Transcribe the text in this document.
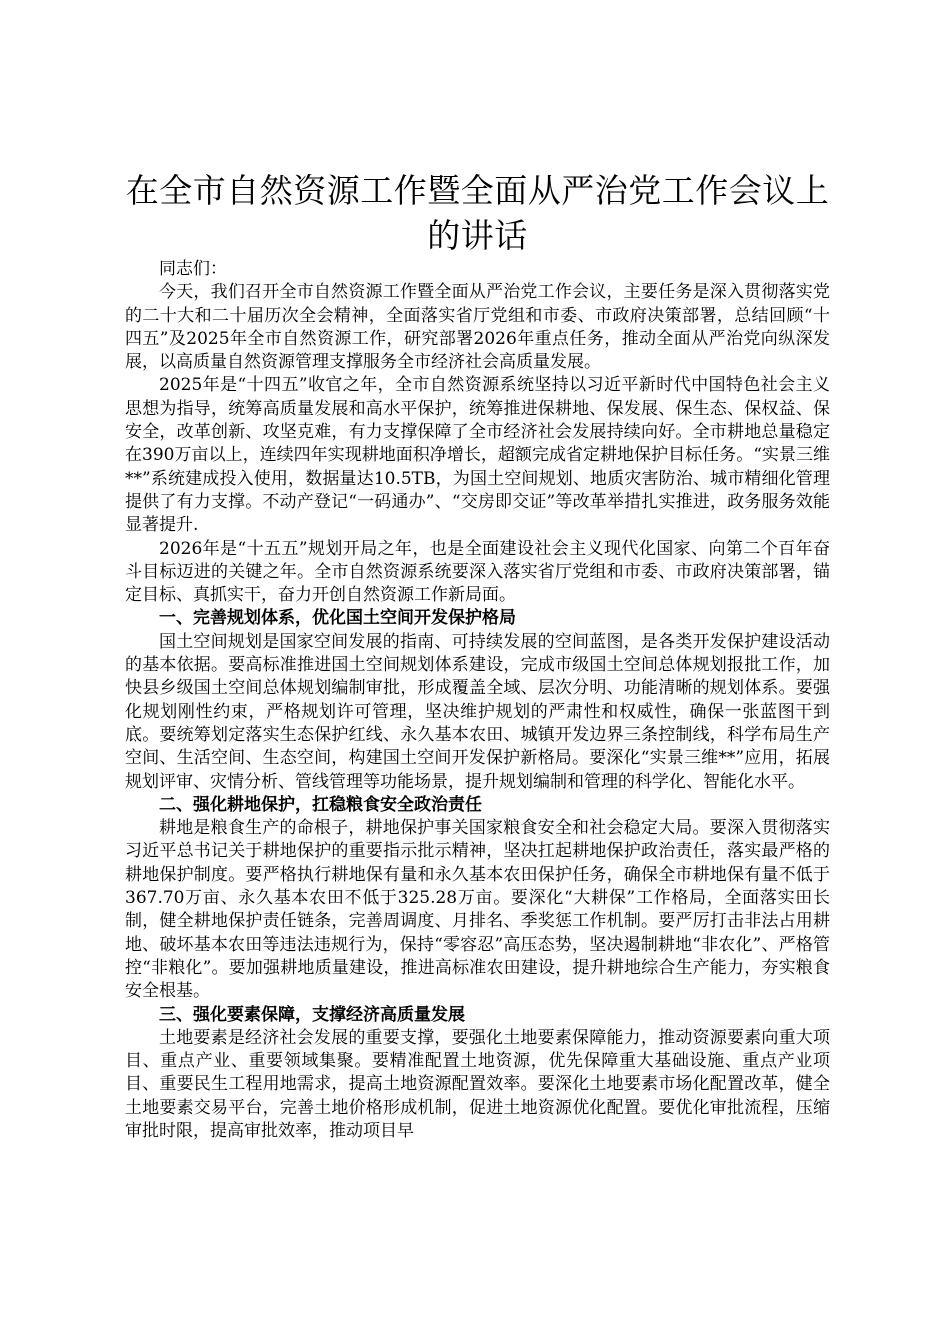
在全市自然资源工作暨全面从严治党工作会议上的讲话

同志们：

今天，我们召开全市自然资源工作暨全面从严治党工作会议，主要任务是深入贯彻落实党的二十大和二十届历次全会精神，全面落实省厅党组和市委、市政府决策部署，总结回顾“十四五”及2025年全市自然资源工作，研究部署2026年重点任务，推动全面从严治党向纵深发展，以高质量自然资源管理支撑服务全市经济社会高质量发展。

2025年是“十四五”收官之年，全市自然资源系统坚持以习近平新时代中国特色社会主义思想为指导，统筹高质量发展和高水平保护，统筹推进保耕地、保发展、保生态、保权益、保安全，改革创新、攻坚克难，有力支撑保障了全市经济社会发展持续向好。全市耕地总量稳定在390万亩以上，连续四年实现耕地面积净增长，超额完成省定耕地保护目标任务。“实景三维**”系统建成投入使用，数据量达10.5TB，为国土空间规划、地质灾害防治、城市精细化管理提供了有力支撑。不动产登记“一码通办”、“交房即交证”等改革举措扎实推进，政务服务效能显著提升.

2026年是“十五五”规划开局之年，也是全面建设社会主义现代化国家、向第二个百年奋斗目标迈进的关键之年。全市自然资源系统要深入落实省厅党组和市委、市政府决策部署，锚定目标、真抓实干，奋力开创自然资源工作新局面。

一、完善规划体系，优化国土空间开发保护格局

国土空间规划是国家空间发展的指南、可持续发展的空间蓝图，是各类开发保护建设活动的基本依据。要高标准推进国土空间规划体系建设，完成市级国土空间总体规划报批工作，加快县乡级国土空间总体规划编制审批，形成覆盖全域、层次分明、功能清晰的规划体系。要强化规划刚性约束，严格规划许可管理，坚决维护规划的严肃性和权威性，确保一张蓝图干到底。要统筹划定落实生态保护红线、永久基本农田、城镇开发边界三条控制线，科学布局生产空间、生活空间、生态空间，构建国土空间开发保护新格局。要深化“实景三维**”应用，拓展规划评审、灾情分析、管线管理等功能场景，提升规划编制和管理的科学化、智能化水平。

二、强化耕地保护，扛稳粮食安全政治责任

耕地是粮食生产的命根子，耕地保护事关国家粮食安全和社会稳定大局。要深入贯彻落实习近平总书记关于耕地保护的重要指示批示精神，坚决扛起耕地保护政治责任，落实最严格的耕地保护制度。要严格执行耕地保有量和永久基本农田保护任务，确保全市耕地保有量不低于367.70万亩、永久基本农田不低于325.28万亩。要深化“大耕保”工作格局，全面落实田长制，健全耕地保护责任链条，完善周调度、月排名、季奖惩工作机制。要严厉打击非法占用耕地、破坏基本农田等违法违规行为，保持“零容忍”高压态势，坚决遏制耕地“非农化”、严格管控“非粮化”。要加强耕地质量建设，推进高标准农田建设，提升耕地综合生产能力，夯实粮食安全根基。

三、强化要素保障，支撑经济高质量发展

土地要素是经济社会发展的重要支撑，要强化土地要素保障能力，推动资源要素向重大项目、重点产业、重要领域集聚。要精准配置土地资源，优先保障重大基础设施、重点产业项目、重要民生工程用地需求，提高土地资源配置效率。要深化土地要素市场化配置改革，健全土地要素交易平台，完善土地价格形成机制，促进土地资源优化配置。要优化审批流程，压缩审批时限，提高审批效率，推动项目早
